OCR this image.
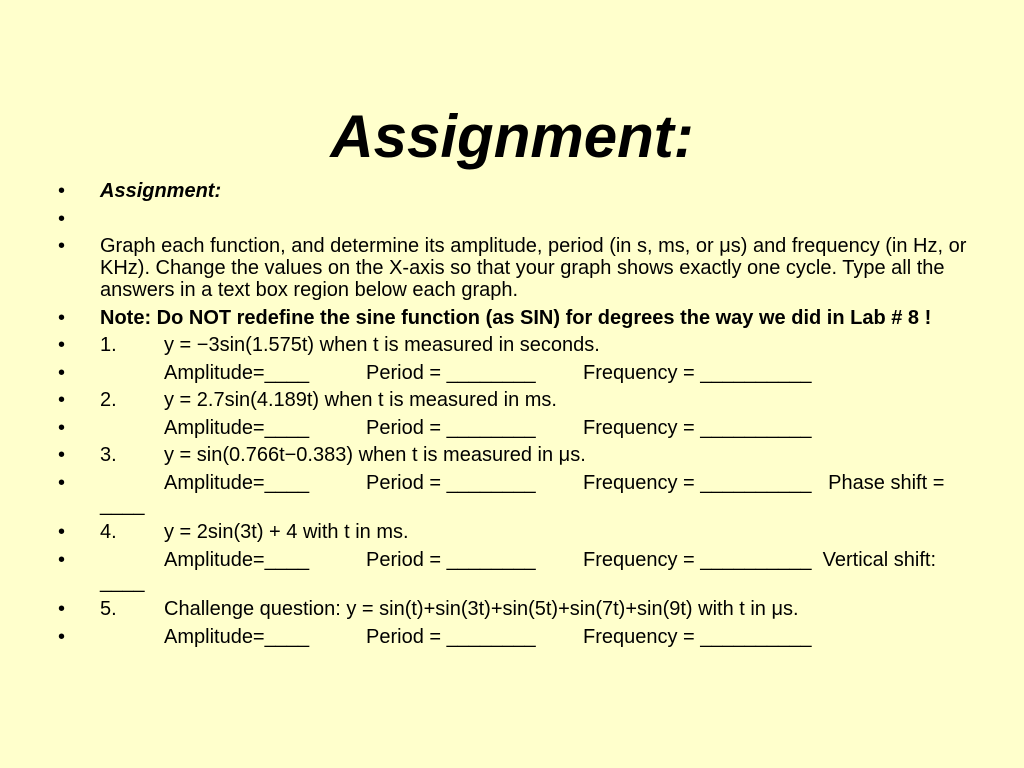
Assignment:
•	Assignment:
•
•	Graph each function, and determine its amplitude, period (in s, ms, or μs) and frequency (in Hz, or KHz). Change the values on the X-axis so that your graph shows exactly one cycle. Type all the answers in a text box region below each graph.
•	Note: Do NOT redefine the sine function (as SIN) for degrees the way we did in Lab # 8 !
•	1. y = −3sin(1.575t) when t is measured in seconds.
•	Amplitude=____	Period = ________ Frequency = __________
•	2. y = 2.7sin(4.189t) when t is measured in ms.
•	Amplitude=____	Period = ________ Frequency = __________
•	3. y = sin(0.766t−0.383) when t is measured in μs.
•	Amplitude=____	Period = ________ Frequency = __________   Phase shift = ____
•	4. y = 2sin(3t) + 4 with t in ms.
•	Amplitude=____	Period = ________ Frequency = __________  Vertical shift: ____
•	5. Challenge question: y = sin(t)+sin(3t)+sin(5t)+sin(7t)+sin(9t) with t in μs.
•	Amplitude=____	Period = ________ Frequency = __________
